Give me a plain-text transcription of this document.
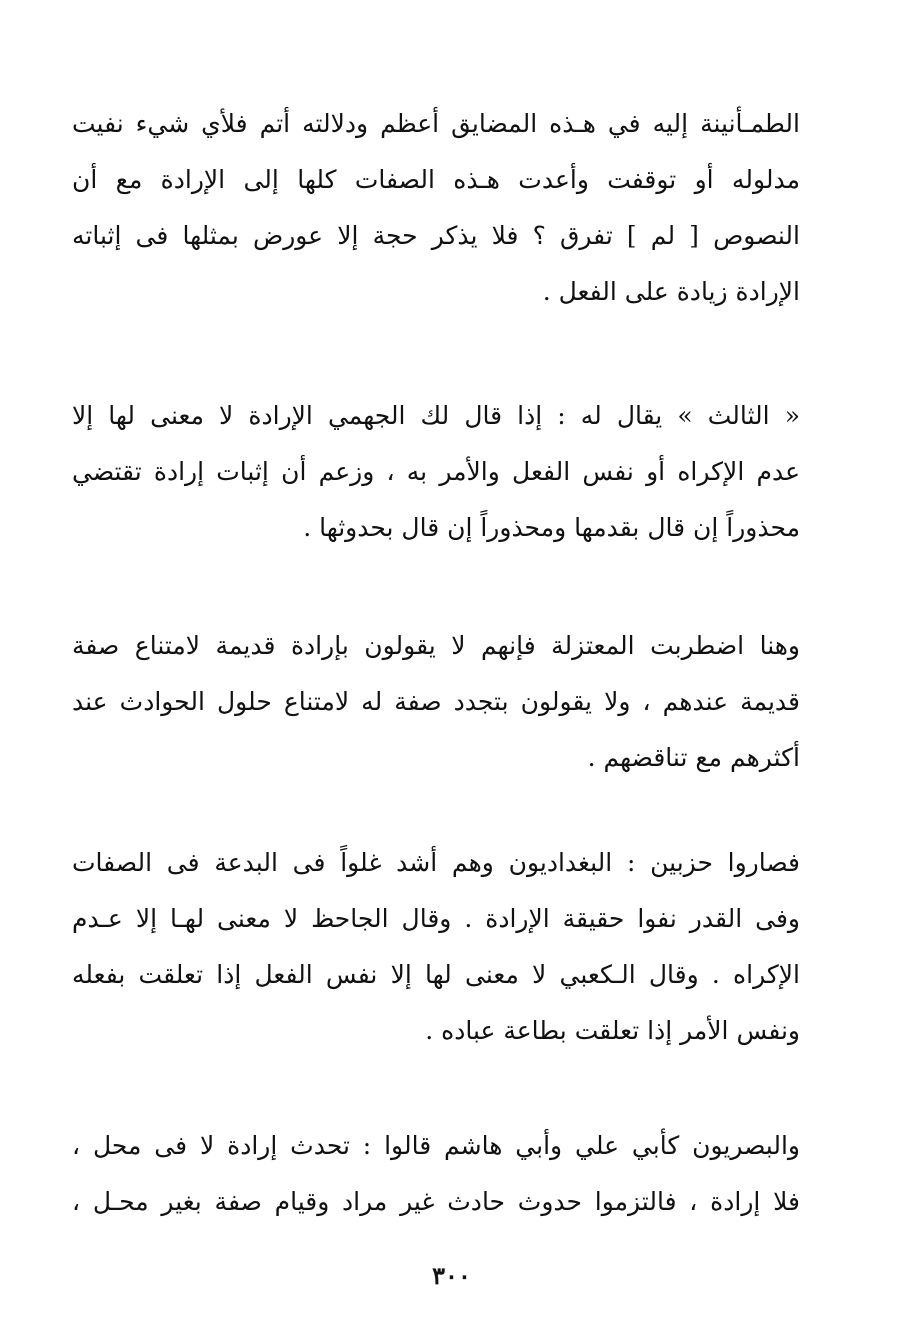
الطمـأنينة إليه في هـذه المضايق أعظم ودلالته أتم فلأي شيء نفيت
مدلوله أو توقفت وأعدت هـذه الصفات كلها إلى الإرادة مع أن
النصوص [ لم ] تفرق ؟ فلا يذكر حجة إلا عورض بمثلها فى إثباته
الإرادة زيادة على الفعل .
« الثالث » يقال له : إذا قال لك الجهمي الإرادة لا معنى لها إلا
عدم الإكراه أو نفس الفعل والأمر به ، وزعم أن إثبات إرادة تقتضي
محذوراً إن قال بقدمها ومحذوراً إن قال بحدوثها .
وهنا اضطربت المعتزلة فإنهم لا يقولون بإرادة قديمة لامتناع صفة
قديمة عندهم ، ولا يقولون بتجدد صفة له لامتناع حلول الحوادث عند
أكثرهم مع تناقضهم .
فصاروا حزبين : البغداديون وهم أشد غلواً فى البدعة فى الصفات
وفى القدر نفوا حقيقة الإرادة . وقال الجاحظ لا معنى لهـا إلا عـدم
الإكراه . وقال الـكعبي لا معنى لها إلا نفس الفعل إذا تعلقت بفعله
ونفس الأمر إذا تعلقت بطاعة عباده .
والبصريون كأبي علي وأبي هاشم قالوا : تحدث إرادة لا فى محل ،
فلا إرادة ، فالتزموا حدوث حادث غير مراد وقيام صفة بغير محـل ،
٣٠٠
